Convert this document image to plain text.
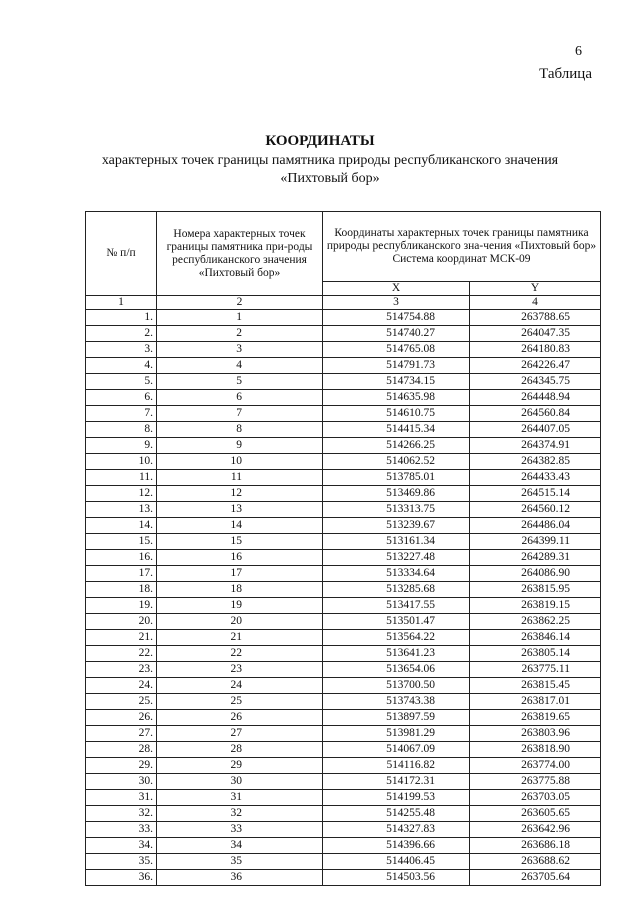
6
Таблица
КООРДИНАТЫ
характерных точек границы памятника природы республиканского значения «Пихтовый бор»
№ п/п	Номера характерных точек границы памятника при-роды республиканского значения «Пихтовый бор»	Координаты характерных точек границы памятника природы республиканского зна-чения «Пихтовый бор» Система координат МСК-09	
		X	Y
1	2	3	4
1.	1	514754.88	263788.65
2.	2	514740.27	264047.35
3.	3	514765.08	264180.83
4.	4	514791.73	264226.47
5.	5	514734.15	264345.75
6.	6	514635.98	264448.94
7.	7	514610.75	264560.84
8.	8	514415.34	264407.05
9.	9	514266.25	264374.91
10.	10	514062.52	264382.85
11.	11	513785.01	264433.43
12.	12	513469.86	264515.14
13.	13	513313.75	264560.12
14.	14	513239.67	264486.04
15.	15	513161.34	264399.11
16.	16	513227.48	264289.31
17.	17	513334.64	264086.90
18.	18	513285.68	263815.95
19.	19	513417.55	263819.15
20.	20	513501.47	263862.25
21.	21	513564.22	263846.14
22.	22	513641.23	263805.14
23.	23	513654.06	263775.11
24.	24	513700.50	263815.45
25.	25	513743.38	263817.01
26.	26	513897.59	263819.65
27.	27	513981.29	263803.96
28.	28	514067.09	263818.90
29.	29	514116.82	263774.00
30.	30	514172.31	263775.88
31.	31	514199.53	263703.05
32.	32	514255.48	263605.65
33.	33	514327.83	263642.96
34.	34	514396.66	263686.18
35.	35	514406.45	263688.62
36.	36	514503.56	263705.64
